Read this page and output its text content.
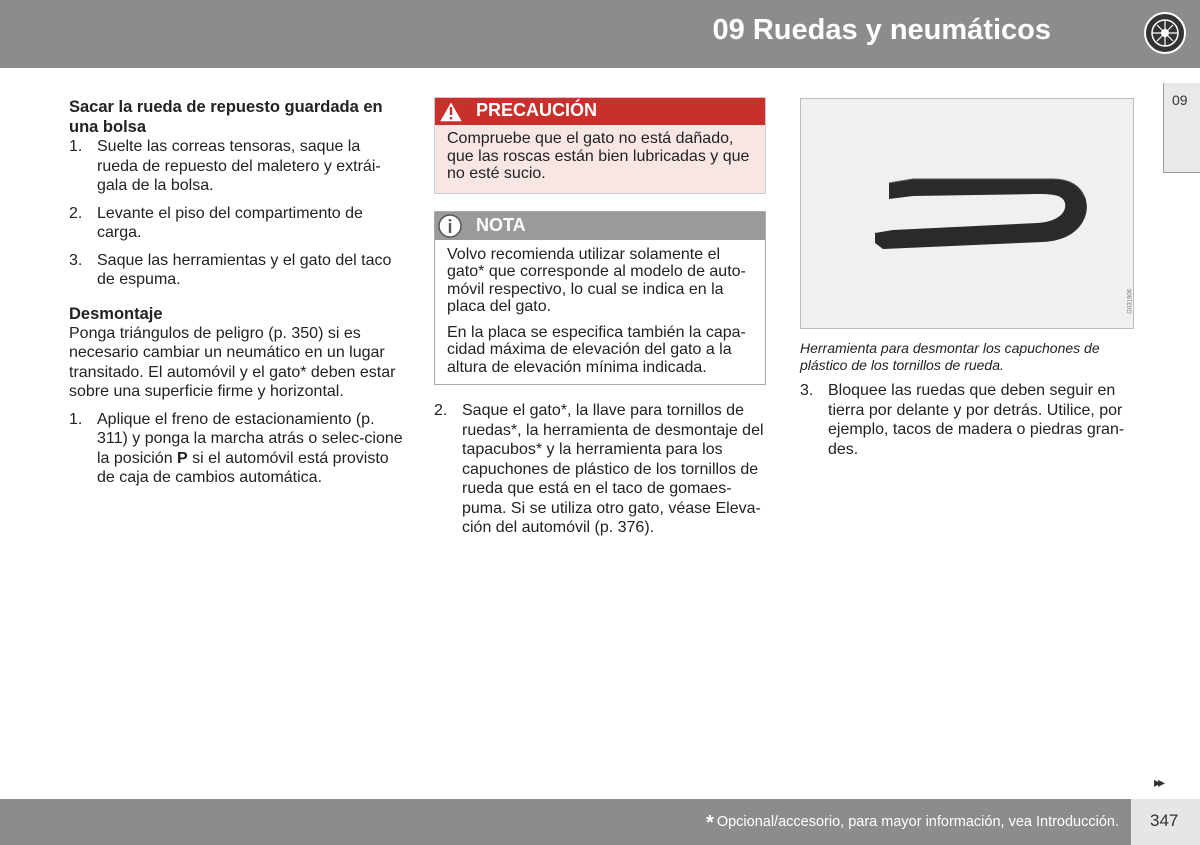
09 Ruedas y neumáticos
09
Sacar la rueda de repuesto guardada en una bolsa
1. Suelte las correas tensoras, saque la rueda de repuesto del maletero y extrái-gala de la bolsa.
2. Levante el piso del compartimento de carga.
3. Saque las herramientas y el gato del taco de espuma.
Desmontaje

Ponga triángulos de peligro (p. 350) si es necesario cambiar un neumático en un lugar transitado. El automóvil y el gato* deben estar sobre una superficie firme y horizontal.

1. Aplique el freno de estacionamiento (p. 311) y ponga la marcha atrás o selec-cione la posición P si el automóvil está provisto de caja de cambios automática.
PRECAUCIÓN
Compruebe que el gato no está dañado, que las roscas están bien lubricadas y que no esté sucio.
NOTA

Volvo recomienda utilizar solamente el gato* que corresponde al modelo de auto-móvil respectivo, lo cual se indica en la placa del gato.

En la placa se especifica también la capa-cidad máxima de elevación del gato a la altura de elevación mínima indicada.

2. Saque el gato*, la llave para tornillos de ruedas*, la herramienta de desmontaje del tapacubos* y la herramienta para los capuchones de plástico de los tornillos de rueda que está en el taco de gomaes-puma. Si se utiliza otro gato, véase Eleva-ción del automóvil (p. 376).
G031906
Herramienta para desmontar los capuchones de plástico de los tornillos de rueda.
3. Bloquee las ruedas que deben seguir en tierra por delante y por detrás. Utilice, por ejemplo, tacos de madera o piedras gran-des.
▸▸
* Opcional/accesorio, para mayor información, vea Introducción. 347
